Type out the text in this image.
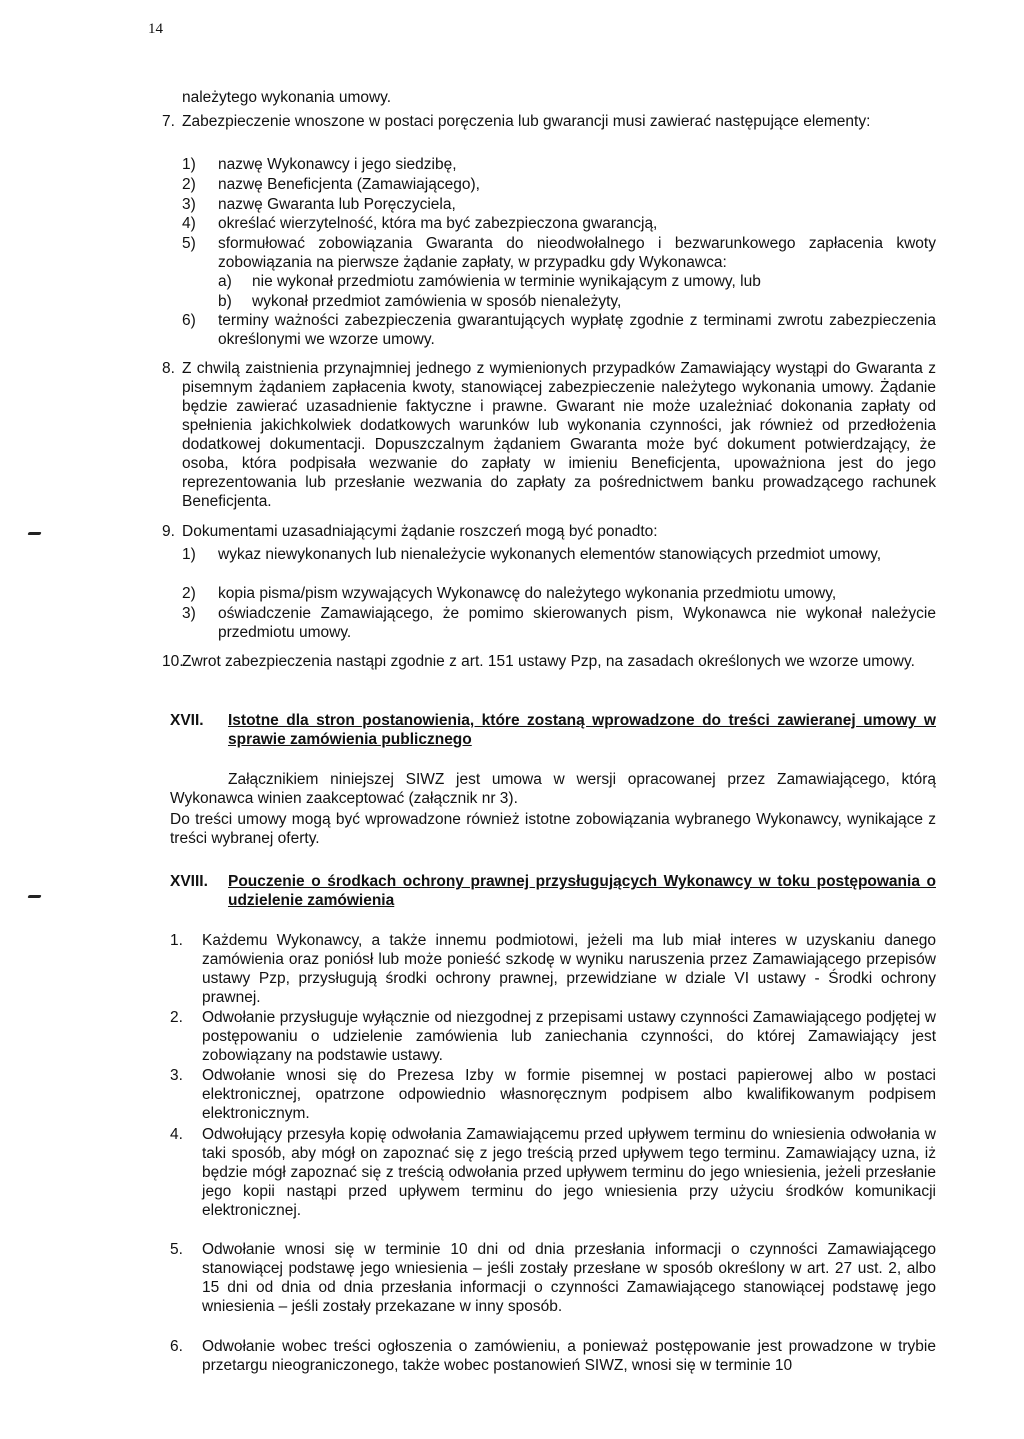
14
należytego wykonania umowy.
7. Zabezpieczenie wnoszone w postaci poręczenia lub gwarancji musi zawierać następujące elementy:
1)	nazwę Wykonawcy i jego siedzibę,
2)	nazwę Beneficjenta (Zamawiającego),
3)	nazwę Gwaranta lub Poręczyciela,
4)	określać wierzytelność, która ma być zabezpieczona gwarancją,
5)	sformułować zobowiązania Gwaranta do nieodwołalnego i bezwarunkowego zapłacenia kwoty zobowiązania na pierwsze żądanie zapłaty, w przypadku gdy Wykonawca:
a)	nie wykonał przedmiotu zamówienia w terminie wynikającym z umowy, lub
b)	wykonał przedmiot zamówienia w sposób nienależyty,
6)	terminy ważności zabezpieczenia gwarantujących wypłatę zgodnie z terminami zwrotu zabezpieczenia określonymi we wzorze umowy.
8. Z chwilą zaistnienia przynajmniej jednego z wymienionych przypadków Zamawiający wystąpi do Gwaranta z pisemnym żądaniem zapłacenia kwoty, stanowiącej zabezpieczenie należytego wykonania umowy. Żądanie będzie zawierać uzasadnienie faktyczne i prawne. Gwarant nie może uzależniać dokonania zapłaty od spełnienia jakichkolwiek dodatkowych warunków lub wykonania czynności, jak również od przedłożenia dodatkowej dokumentacji. Dopuszczalnym żądaniem Gwaranta może być dokument potwierdzający, że osoba, która podpisała wezwanie do zapłaty w imieniu Beneficjenta, upoważniona jest do jego reprezentowania lub przesłanie wezwania do zapłaty za pośrednictwem banku prowadzącego rachunek Beneficjenta.
9. Dokumentami uzasadniającymi żądanie roszczeń mogą być ponadto:
1)	wykaz niewykonanych lub nienależycie wykonanych elementów stanowiących przedmiot umowy,
2)	kopia pisma/pism wzywających Wykonawcę do należytego wykonania przedmiotu umowy,
3)	oświadczenie Zamawiającego, że pomimo skierowanych pism, Wykonawca nie wykonał należycie przedmiotu umowy.
10.
Zwrot zabezpieczenia nastąpi zgodnie z art. 151 ustawy Pzp, na zasadach określonych we wzorze umowy.
XVII.	Istotne dla stron postanowienia, które zostaną wprowadzone do treści zawieranej umowy w sprawie zamówienia publicznego
Załącznikiem niniejszej SIWZ jest umowa w wersji opracowanej przez Zamawiającego, którą Wykonawca winien zaakceptować (załącznik nr 3).
Do treści umowy mogą być wprowadzone również istotne zobowiązania wybranego Wykonawcy, wynikające z treści wybranej oferty.
XVIII.	Pouczenie o środkach ochrony prawnej przysługujących Wykonawcy w toku postępowania o udzielenie zamówienia
1.	Każdemu Wykonawcy, a także innemu podmiotowi, jeżeli ma lub miał interes w uzyskaniu danego zamówienia oraz poniósł lub może ponieść szkodę w wyniku naruszenia przez Zamawiającego przepisów ustawy Pzp, przysługują środki ochrony prawnej, przewidziane w dziale VI ustawy - Środki ochrony prawnej.
2.	Odwołanie przysługuje wyłącznie od niezgodnej z przepisami ustawy czynności Zamawiającego podjętej w postępowaniu o udzielenie zamówienia lub zaniechania czynności, do której Zamawiający jest zobowiązany na podstawie ustawy.
3.	Odwołanie wnosi się do Prezesa Izby w formie pisemnej w postaci papierowej albo w postaci elektronicznej, opatrzone odpowiednio własnoręcznym podpisem albo kwalifikowanym podpisem elektronicznym.
4.	Odwołujący przesyła kopię odwołania Zamawiającemu przed upływem terminu do wniesienia odwołania w taki sposób, aby mógł on zapoznać się z jego treścią przed upływem tego terminu. Zamawiający uzna, iż będzie mógł zapoznać się z treścią odwołania przed upływem terminu do jego wniesienia, jeżeli przesłanie jego kopii nastąpi przed upływem terminu do jego wniesienia przy użyciu środków komunikacji elektronicznej.
5.	Odwołanie wnosi się w terminie 10 dni od dnia przesłania informacji o czynności Zamawiającego stanowiącej podstawę jego wniesienia – jeśli zostały przesłane w sposób określony w art. 27 ust. 2, albo 15 dni od dnia od dnia przesłania informacji o czynności Zamawiającego stanowiącej podstawę jego wniesienia – jeśli zostały przekazane w inny sposób.
6.	Odwołanie wobec treści ogłoszenia o zamówieniu, a ponieważ postępowanie jest prowadzone w trybie przetargu nieograniczonego, także wobec postanowień SIWZ, wnosi się w terminie 10
